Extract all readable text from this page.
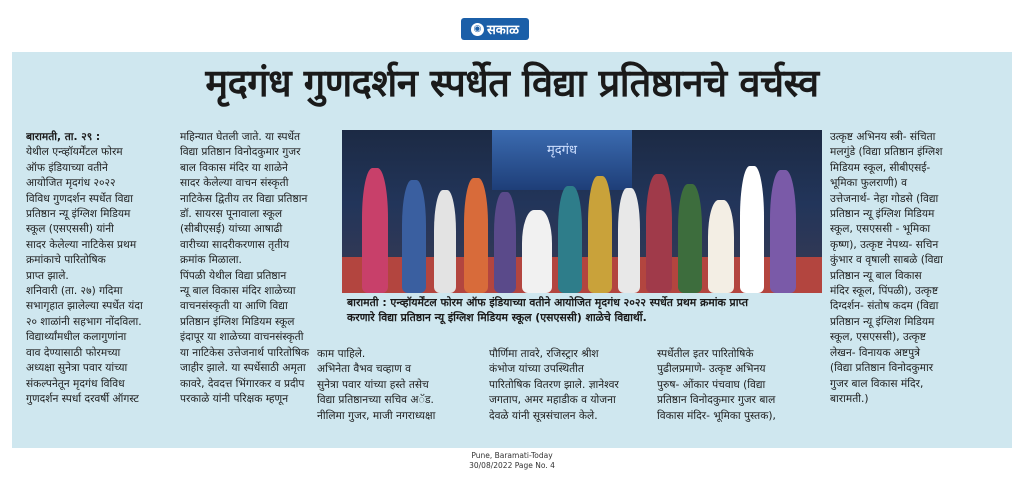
◉ सकाळ
मृदगंध गुणदर्शन स्पर्धेत विद्या प्रतिष्ठानचे वर्चस्व
बारामती, ता. २९ :
येथील एन्व्हॉयर्मेंटल फोरम
ऑफ इंडियाच्या वतीने
आयोजित मृदगंध २०२२
विविध गुणदर्शन स्पर्धेत विद्या
प्रतिष्ठान न्यू इंग्लिश मिडियम
स्कूल (एसएससी) यांनी
सादर केलेल्या नाटिकेस प्रथम
क्रमांकाचे पारितोषिक
प्राप्त झाले.
शनिवारी (ता. २७) गदिमा
सभागृहात झालेल्या स्पर्धेत यंदा
२० शाळांनी सहभाग नोंदविला.
विद्यार्थ्यांमधील कलागुणांना
वाव देण्यासाठी फोरमच्या
अध्यक्षा सुनेत्रा पवार यांच्या
संकल्पनेतून मृदगंध विविध
गुणदर्शन स्पर्धा दरवर्षी ऑगस्ट
महिन्यात घेतली जाते. या स्पर्धेत
विद्या प्रतिष्ठान विनोदकुमार गुजर
बाल विकास मंदिर या शाळेने
सादर केलेल्या वाचन संस्कृती
नाटिकेस द्वितीय तर विद्या प्रतिष्ठान
डॉ. सायरस पूनावाला स्कूल
(सीबीएसई) यांच्या आषाढी
वारीच्या सादरीकरणास तृतीय
क्रमांक मिळाला.
पिंपळी येथील विद्या प्रतिष्ठान
न्यू बाल विकास मंदिर शाळेच्या
वाचनसंस्कृती या आणि विद्या
प्रतिष्ठान इंग्लिश मिडियम स्कूल
इंदापूर या शाळेच्या वाचनसंस्कृती
या नाटिकेस उत्तेजनार्थ पारितोषिक
जाहीर झाले. या स्पर्धेसाठी अमृता
कावरे, देवदत्त भिंगारकर व प्रदीप
परकाळे यांनी परिक्षक म्हणून
मृदगंध
बारामती : एन्व्हॉयर्मेंटल फोरम ऑफ इंडियाच्या वतीने आयोजित मृदगंध २०२२ स्पर्धेत प्रथम क्रमांक प्राप्त
करणारे विद्या प्रतिष्ठान न्यू इंग्लिश मिडियम स्कूल (एसएससी) शाळेचे विद्यार्थी.
काम पाहिले.
अभिनेता वैभव चव्हाण व
सुनेत्रा पवार यांच्या हस्ते तसेच
विद्या प्रतिष्ठानच्या सचिव अॅड.
नीलिमा गुजर, माजी नगराध्यक्षा
पौर्णिमा तावरे, रजिस्ट्रार श्रीश
कंभोज यांच्या उपस्थितीत
पारितोषिक वितरण झाले. ज्ञानेश्वर
जगताप, अमर महाडीक व योजना
देवळे यांनी सूत्रसंचालन केले.
स्पर्धेतील इतर पारितोषिके
पुढीलप्रमाणे- उत्कृष्ट अभिनय
पुरुष- ओंकार पंचवाघ (विद्या
प्रतिष्ठान विनोदकुमार गुजर बाल
विकास मंदिर- भूमिका पुस्तक),
उत्कृष्ट अभिनय स्त्री- संचिता
मलगुंडे (विद्या प्रतिष्ठान इंग्लिश
मिडियम स्कूल, सीबीएसई-
भूमिका फुलराणी) व
उत्तेजनार्थ- नेहा गोडसे (विद्या
प्रतिष्ठान न्यू इंग्लिश मिडियम
स्कूल, एसएससी - भूमिका
कृष्ण), उत्कृष्ट नेपथ्य- सचिन
कुंभार व वृषाली साबळे (विद्या
प्रतिष्ठान न्यू बाल विकास
मंदिर स्कूल, पिंपळी), उत्कृष्ट
दिग्दर्शन- संतोष कदम (विद्या
प्रतिष्ठान न्यू इंग्लिश मिडियम
स्कूल, एसएससी), उत्कृष्ट
लेखन- विनायक अष्टपुत्रे
(विद्या प्रतिष्ठान विनोदकुमार
गुजर बाल विकास मंदिर,
बारामती.)
Pune, Baramati-Today
30/08/2022 Page No. 4
